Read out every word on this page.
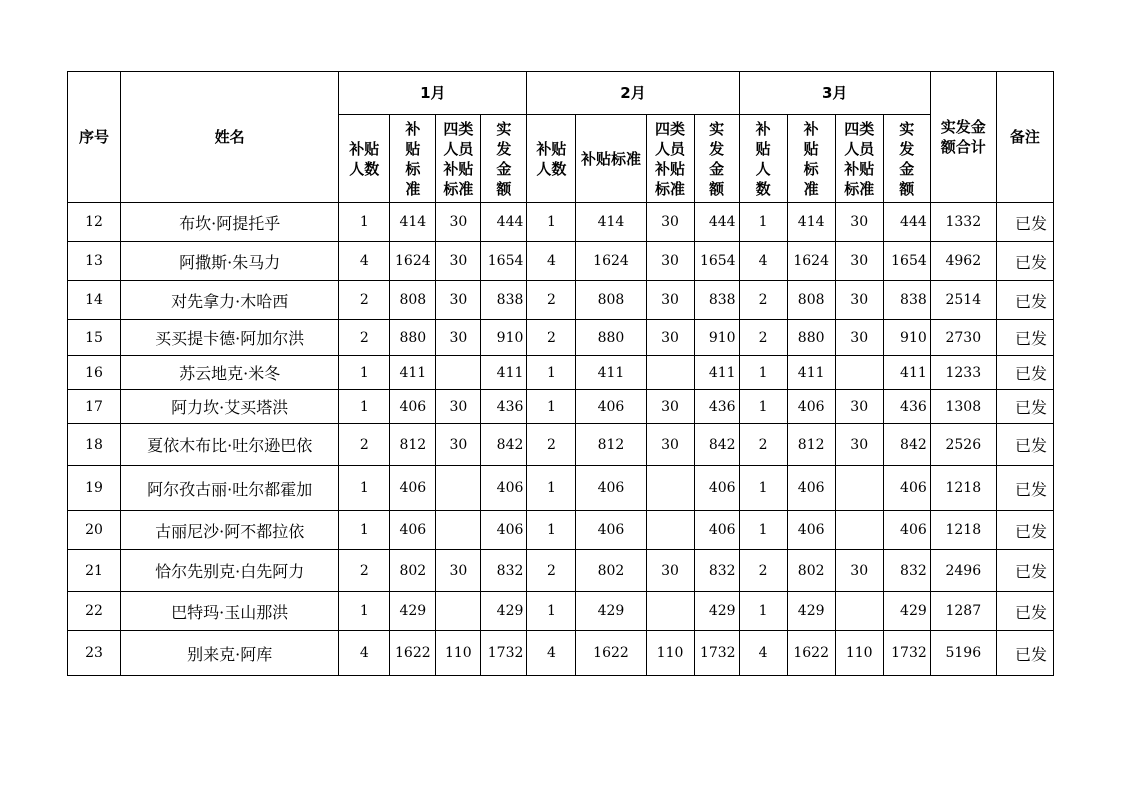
序号	姓名	1月				2月				3月				实发金额合计	备注
		补贴人数	补贴标准	四类人员补贴标准	实发金额	补贴人数	补贴标准	四类人员补贴标准	实发金额	补贴人数	补贴标准	四类人员补贴标准	实发金额		
12	布坎·阿提托乎	1	414	30	444	1	414	30	444	1	414	30	444	1332	已发
13	阿撒斯·朱马力	4	1624	30	1654	4	1624	30	1654	4	1624	30	1654	4962	已发
14	对先拿力·木哈西	2	808	30	838	2	808	30	838	2	808	30	838	2514	已发
15	买买提卡德·阿加尔洪	2	880	30	910	2	880	30	910	2	880	30	910	2730	已发
16	苏云地克·米冬	1	411		411	1	411		411	1	411		411	1233	已发
17	阿力坎·艾买塔洪	1	406	30	436	1	406	30	436	1	406	30	436	1308	已发
18	夏依木布比·吐尔逊巴依	2	812	30	842	2	812	30	842	2	812	30	842	2526	已发
19	阿尔孜古丽·吐尔都霍加	1	406		406	1	406		406	1	406		406	1218	已发
20	古丽尼沙·阿不都拉依	1	406		406	1	406		406	1	406		406	1218	已发
21	恰尔先别克·白先阿力	2	802	30	832	2	802	30	832	2	802	30	832	2496	已发
22	巴特玛·玉山那洪	1	429		429	1	429		429	1	429		429	1287	已发
23	别来克·阿库	4	1622	110	1732	4	1622	110	1732	4	1622	110	1732	5196	已发
